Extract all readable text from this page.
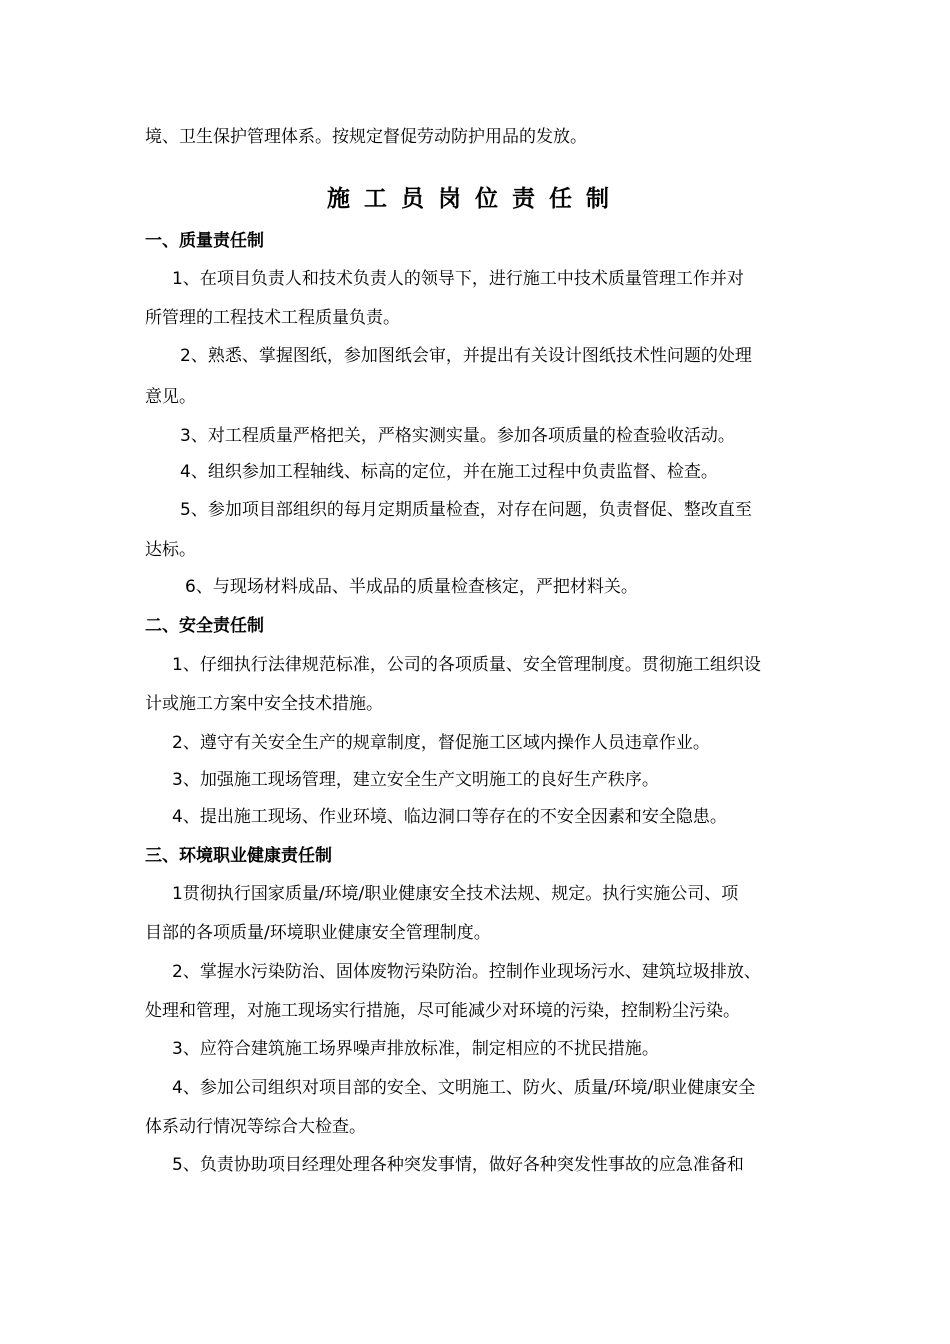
境、卫生保护管理体系。按规定督促劳动防护用品的发放。
施工员岗位责任制
一、质量责任制
1、在项目负责人和技术负责人的领导下，进行施工中技术质量管理工作并对
所管理的工程技术工程质量负责。
2、熟悉、掌握图纸，参加图纸会审，并提出有关设计图纸技术性问题的处理
意见。
3、对工程质量严格把关，严格实测实量。参加各项质量的检查验收活动。
4、组织参加工程轴线、标高的定位，并在施工过程中负责监督、检查。
5、参加项目部组织的每月定期质量检查，对存在问题，负责督促、整改直至
达标。
6、与现场材料成品、半成品的质量检查核定，严把材料关。
二、安全责任制
1、仔细执行法律规范标准，公司的各项质量、安全管理制度。贯彻施工组织设
计或施工方案中安全技术措施。
2、遵守有关安全生产的规章制度，督促施工区域内操作人员违章作业。
3、加强施工现场管理，建立安全生产文明施工的良好生产秩序。
4、提出施工现场、作业环境、临边洞口等存在的不安全因素和安全隐患。
三、环境职业健康责任制
1贯彻执行国家质量/环境/职业健康安全技术法规、规定。执行实施公司、项
目部的各项质量/环境职业健康安全管理制度。
2、掌握水污染防治、固体废物污染防治。控制作业现场污水、建筑垃圾排放、
处理和管理，对施工现场实行措施，尽可能减少对环境的污染，控制粉尘污染。
3、应符合建筑施工场界噪声排放标准，制定相应的不扰民措施。
4、参加公司组织对项目部的安全、文明施工、防火、质量/环境/职业健康安全
体系动行情况等综合大检查。
5、负责协助项目经理处理各种突发事情，做好各种突发性事故的应急准备和
